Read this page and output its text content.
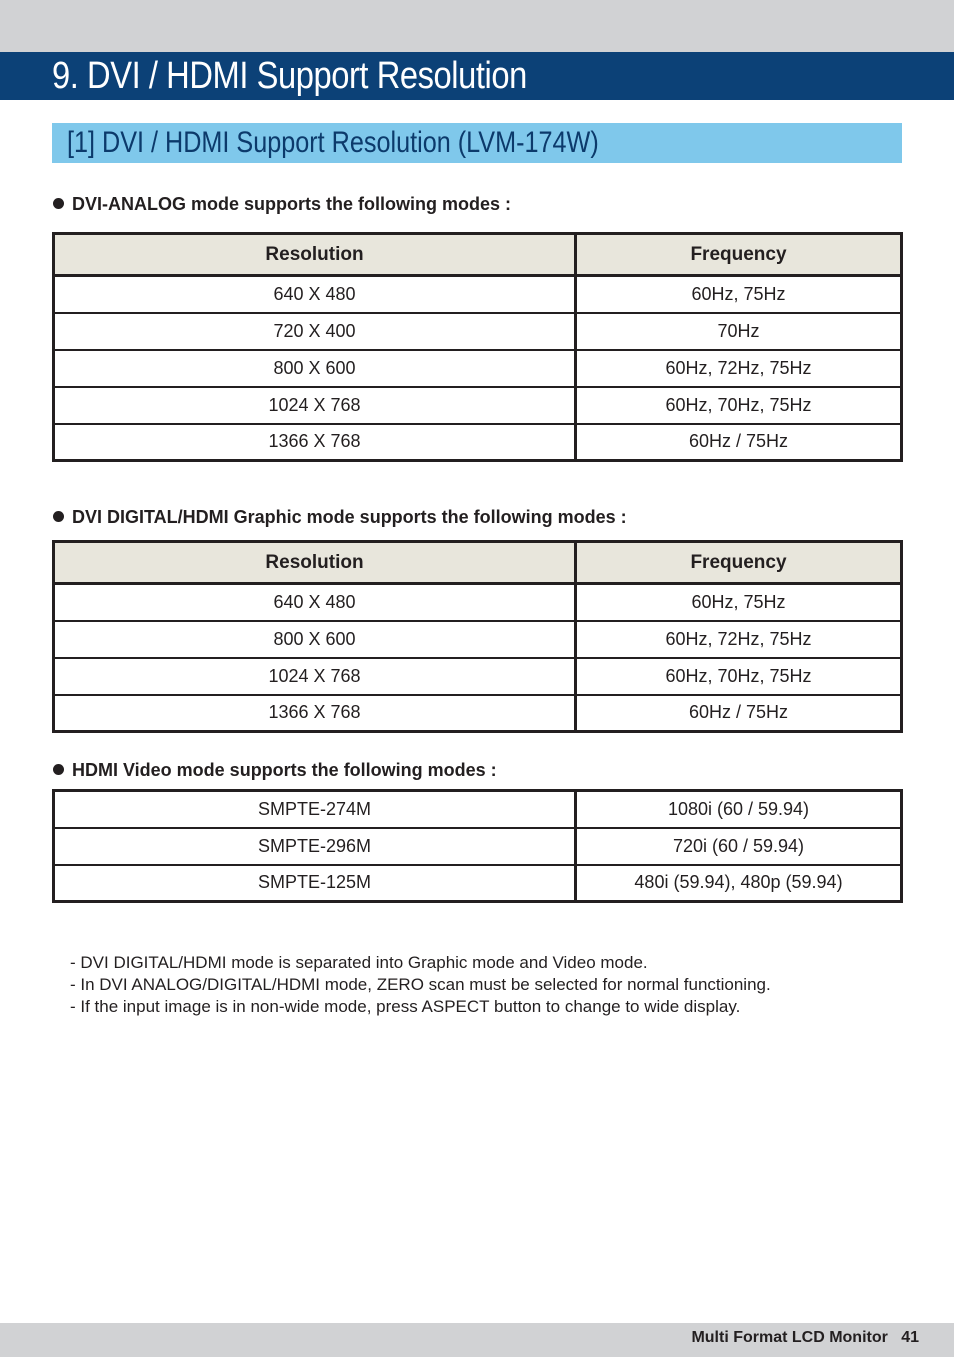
9. DVI / HDMI Support Resolution
[1] DVI / HDMI Support Resolution (LVM-174W)
DVI-ANALOG mode supports the following modes :
Resolution	Frequency
640 X 480	60Hz, 75Hz
720 X 400	70Hz
800 X 600	60Hz, 72Hz, 75Hz
1024 X 768	60Hz, 70Hz, 75Hz
1366 X 768	60Hz / 75Hz
DVI DIGITAL/HDMI Graphic mode supports the following modes :
Resolution	Frequency
640 X 480	60Hz, 75Hz
800 X 600	60Hz, 72Hz, 75Hz
1024 X 768	60Hz, 70Hz, 75Hz
1366 X 768	60Hz / 75Hz
HDMI Video mode supports the following modes :
SMPTE-274M	1080i (60 / 59.94)
SMPTE-296M	720i (60 / 59.94)
SMPTE-125M	480i (59.94), 480p (59.94)
- DVI DIGITAL/HDMI mode is separated into Graphic mode and Video mode.
- In DVI ANALOG/DIGITAL/HDMI mode, ZERO scan must be selected for normal functioning.
- If the input image is in non-wide mode, press ASPECT button to change to wide display.
Multi Format LCD Monitor 41
